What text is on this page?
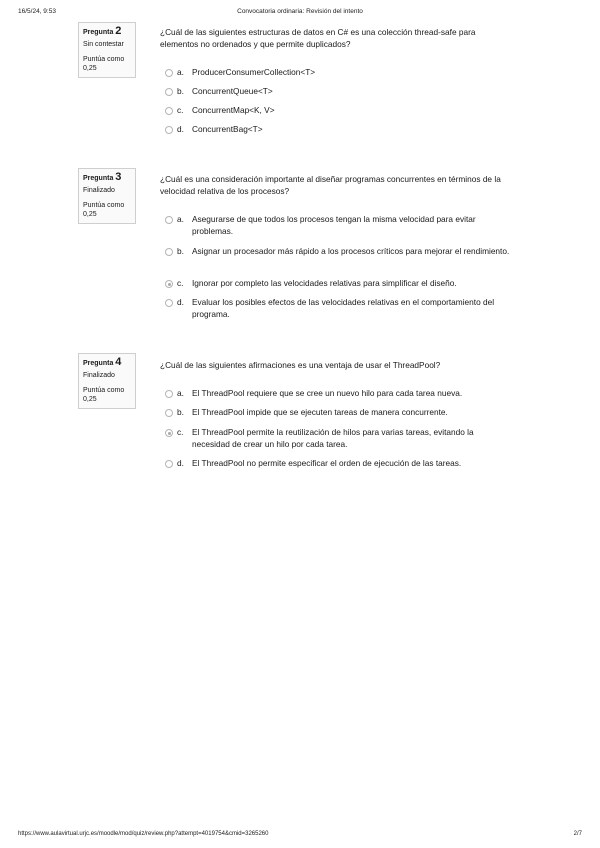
16/5/24, 9:53	Convocatoria ordinaria: Revisión del intento
Pregunta 2
Sin contestar
Puntúa como
0,25
¿Cuál de las siguientes estructuras de datos en C# es una colección thread-safe para elementos no ordenados y que permite duplicados?
a. ProducerConsumerCollection<T>
b. ConcurrentQueue<T>
c. ConcurrentMap<K, V>
d. ConcurrentBag<T>
Pregunta 3
Finalizado
Puntúa como
0,25
¿Cuál es una consideración importante al diseñar programas concurrentes en términos de la velocidad relativa de los procesos?
a. Asegurarse de que todos los procesos tengan la misma velocidad para evitar problemas.
b. Asignar un procesador más rápido a los procesos críticos para mejorar el rendimiento.
c. Ignorar por completo las velocidades relativas para simplificar el diseño.
d. Evaluar los posibles efectos de las velocidades relativas en el comportamiento del programa.
Pregunta 4
Finalizado
Puntúa como
0,25
¿Cuál de las siguientes afirmaciones es una ventaja de usar el ThreadPool?
a. El ThreadPool requiere que se cree un nuevo hilo para cada tarea nueva.
b. El ThreadPool impide que se ejecuten tareas de manera concurrente.
c. El ThreadPool permite la reutilización de hilos para varias tareas, evitando la necesidad de crear un hilo por cada tarea.
d. El ThreadPool no permite especificar el orden de ejecución de las tareas.
https://www.aulavirtual.urjc.es/moodle/mod/quiz/review.php?attempt=4019754&cmid=3265260	2/7
